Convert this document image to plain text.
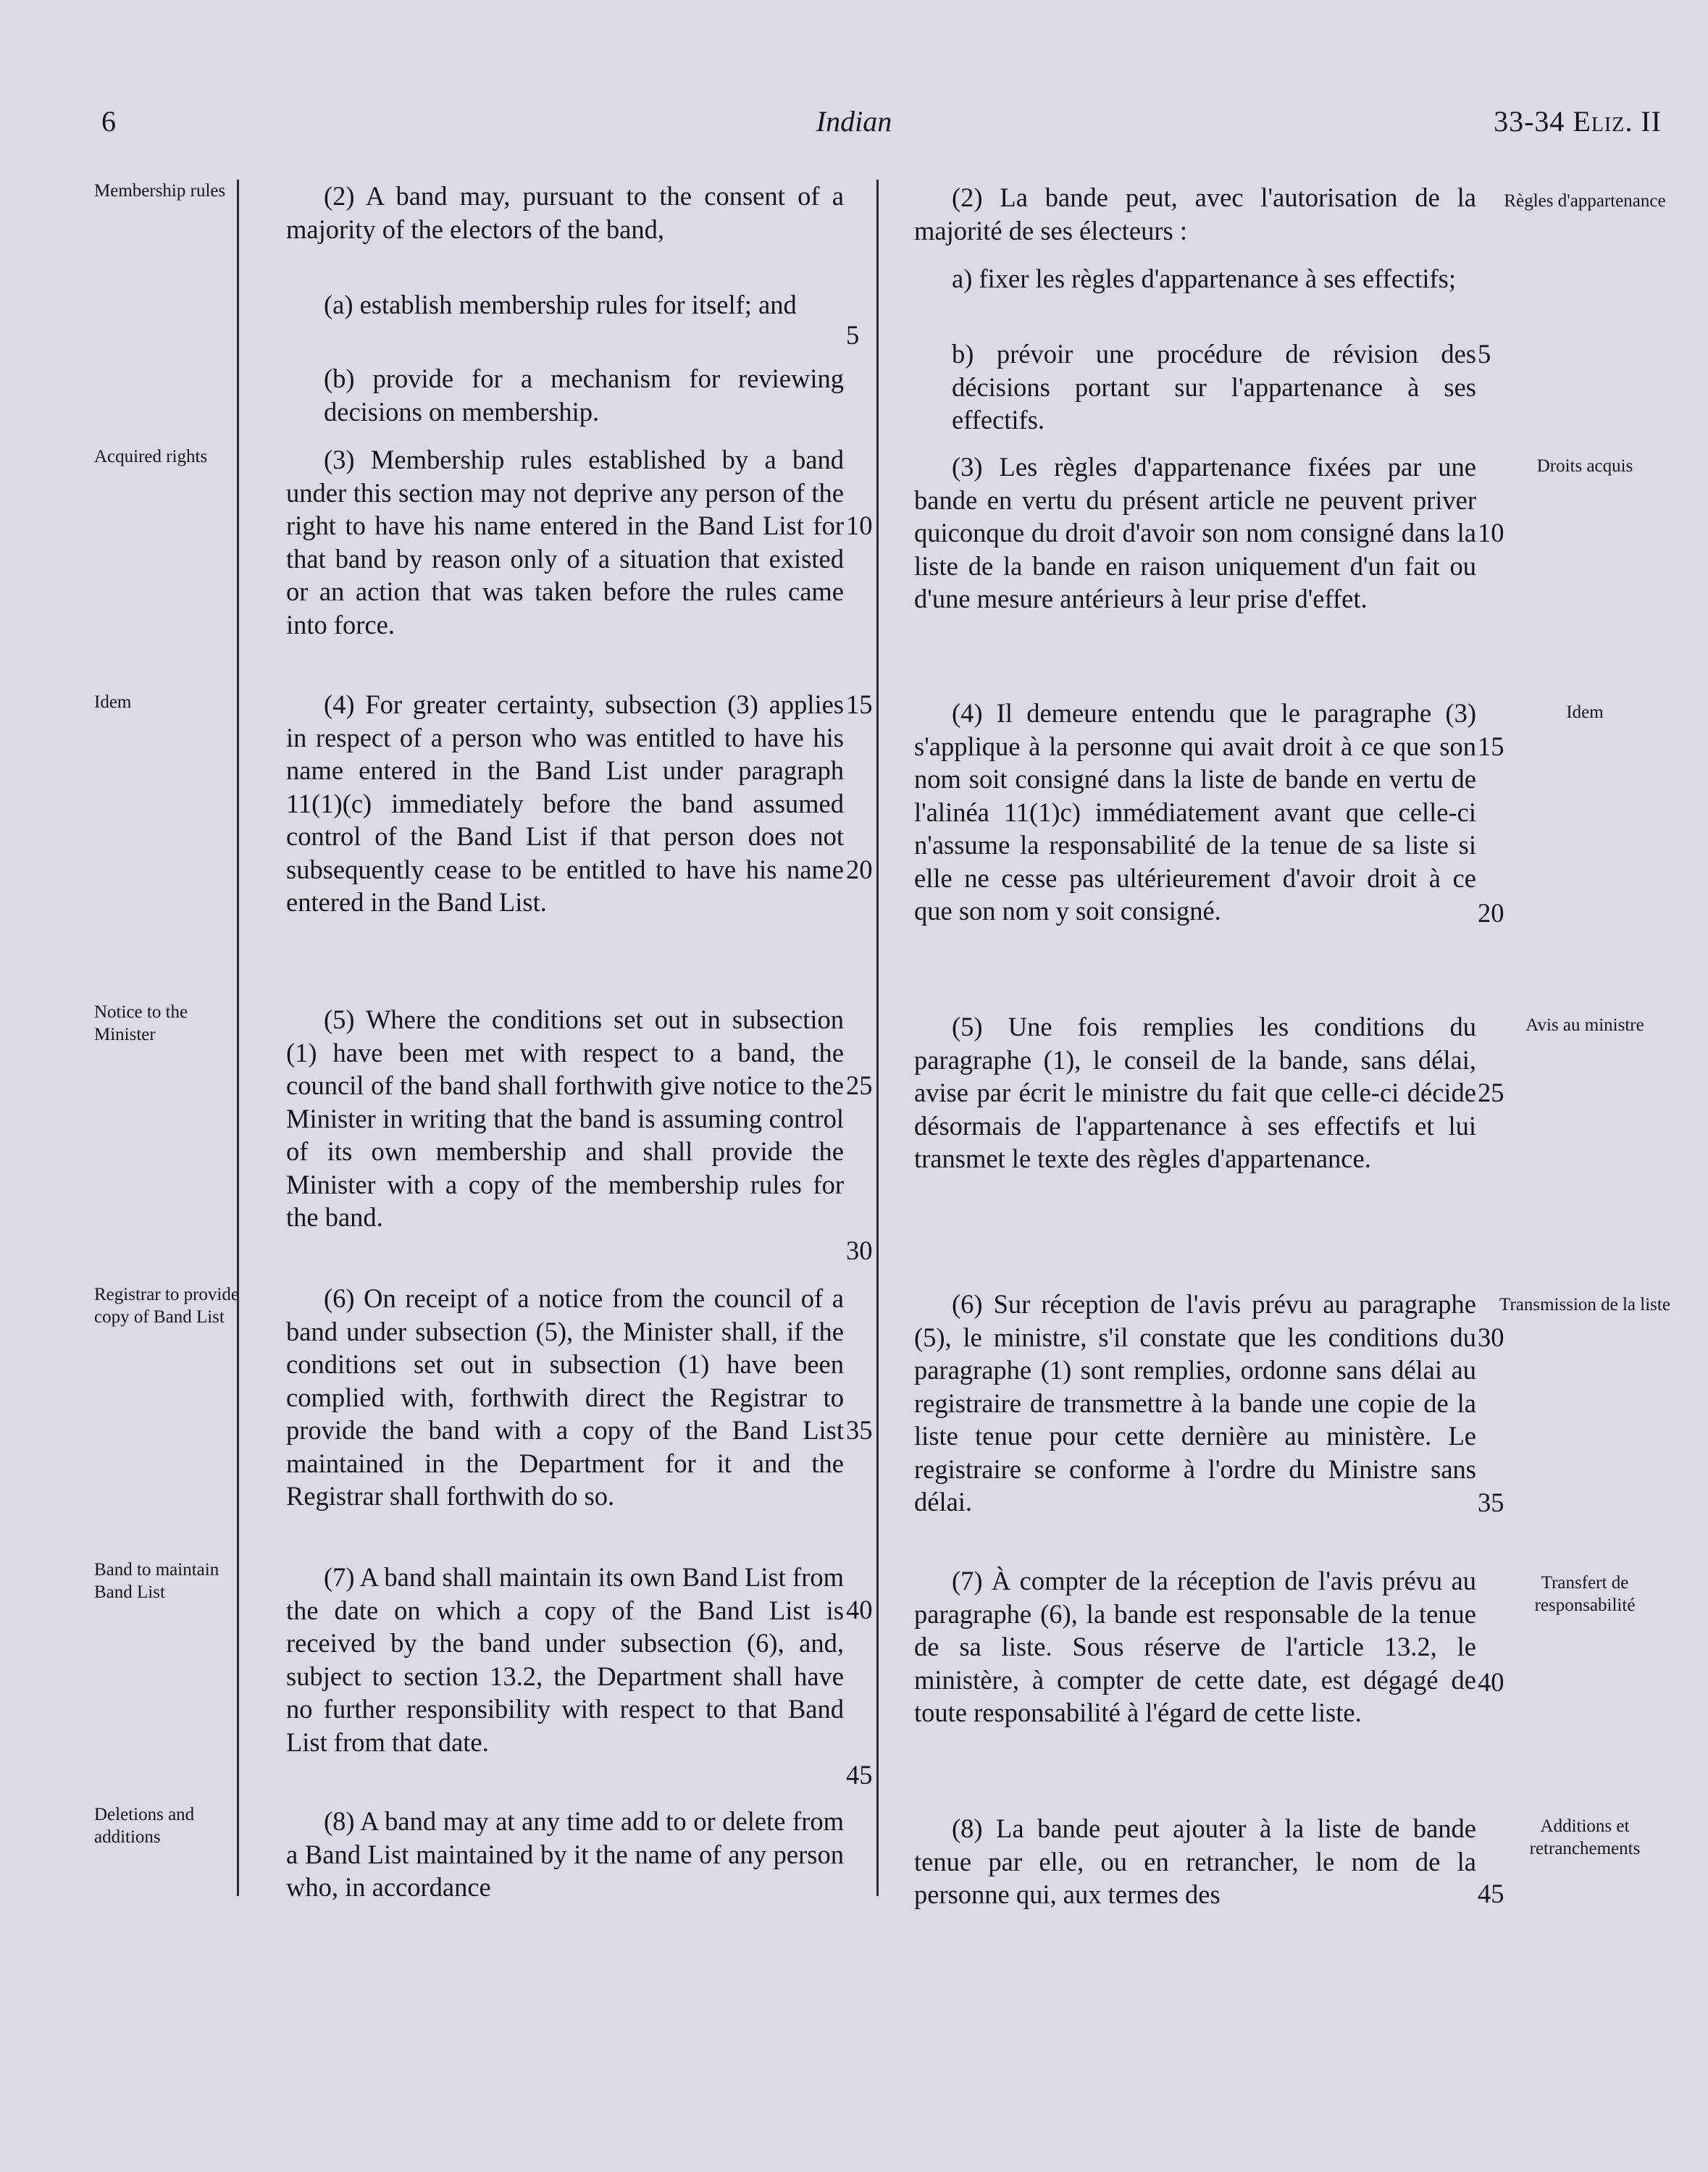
6	Indian	33-34 Eliz. II
Membership rules
Acquired rights
Idem
Notice to the Minister
Registrar to provide copy of Band List
Band to maintain Band List
Deletions and additions
Règles d'appartenance
Droits acquis
Idem
Avis au ministre
Transmission de la liste
Transfert de responsabilité
Additions et retranchements

(2) A band may, pursuant to the consent of a majority of the electors of the band,

(a) establish membership rules for itself; and

(b) provide for a mechanism for reviewing decisions on membership.

(3) Membership rules established by a band under this section may not deprive any person of the right to have his name entered in the Band List for that band by reason only of a situation that existed or an action that was taken before the rules came into force.

(4) For greater certainty, subsection (3) applies in respect of a person who was entitled to have his name entered in the Band List under paragraph 11(1)(c) immediately before the band assumed control of the Band List if that person does not subsequently cease to be entitled to have his name entered in the Band List.

(5) Where the conditions set out in subsection (1) have been met with respect to a band, the council of the band shall forthwith give notice to the Minister in writing that the band is assuming control of its own membership and shall provide the Minister with a copy of the membership rules for the band.

(6) On receipt of a notice from the council of a band under subsection (5), the Minister shall, if the conditions set out in subsection (1) have been complied with, forthwith direct the Registrar to provide the band with a copy of the Band List maintained in the Department for it and the Registrar shall forthwith do so.

(7) A band shall maintain its own Band List from the date on which a copy of the Band List is received by the band under subsection (6), and, subject to section 13.2, the Department shall have no further responsibility with respect to that Band List from that date.

(8) A band may at any time add to or delete from a Band List maintained by it the name of any person who, in accordance

(2) La bande peut, avec l'autorisation de la majorité de ses électeurs :

a) fixer les règles d'appartenance à ses effectifs;

b) prévoir une procédure de révision des décisions portant sur l'appartenance à ses effectifs.

(3) Les règles d'appartenance fixées par une bande en vertu du présent article ne peuvent priver quiconque du droit d'avoir son nom consigné dans la liste de la bande en raison uniquement d'un fait ou d'une mesure antérieurs à leur prise d'effet.

(4) Il demeure entendu que le paragraphe (3) s'applique à la personne qui avait droit à ce que son nom soit consigné dans la liste de bande en vertu de l'alinéa 11(1)c) immédiatement avant que celle-ci n'assume la responsabilité de la tenue de sa liste si elle ne cesse pas ultérieurement d'avoir droit à ce que son nom y soit consigné.

(5) Une fois remplies les conditions du paragraphe (1), le conseil de la bande, sans délai, avise par écrit le ministre du fait que celle-ci décide désormais de l'appartenance à ses effectifs et lui transmet le texte des règles d'appartenance.

(6) Sur réception de l'avis prévu au paragraphe (5), le ministre, s'il constate que les conditions du paragraphe (1) sont remplies, ordonne sans délai au registraire de transmettre à la bande une copie de la liste tenue pour cette dernière au ministère. Le registraire se conforme à l'ordre du Ministre sans délai.

(7) À compter de la réception de l'avis prévu au paragraphe (6), la bande est responsable de la tenue de sa liste. Sous réserve de l'article 13.2, le ministère, à compter de cette date, est dégagé de toute responsabilité à l'égard de cette liste.

(8) La bande peut ajouter à la liste de bande tenue par elle, ou en retrancher, le nom de la personne qui, aux termes des

5
10
15
20
25
30
35
40
45
5
10
15
20
25
30
35
40
45
